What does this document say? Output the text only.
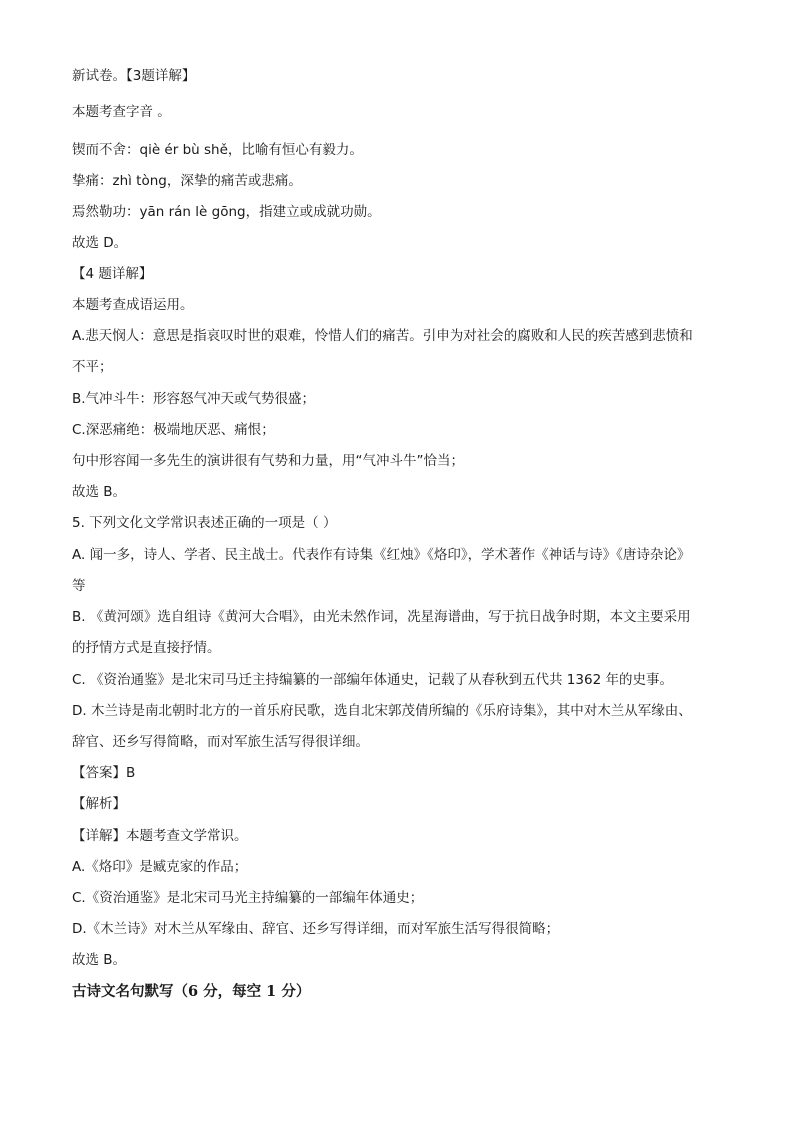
新试卷。【3题详解】
本题考查字音 。
锲而不舍：qiè ér bù shě，比喻有恒心有毅力。
挚痛：zhì tòng，深挚的痛苦或悲痛。
焉然勒功：yān rán lè gōng，指建立或成就功勋。
故选 D。
【4 题详解】
本题考查成语运用。
A.悲天悯人：意思是指哀叹时世的艰难，怜惜人们的痛苦。引申为对社会的腐败和人民的疾苦感到悲愤和
不平；
B.气冲斗牛：形容怒气冲天或气势很盛；
C.深恶痛绝：极端地厌恶、痛恨；
句中形容闻一多先生的演讲很有气势和力量，用“气冲斗牛”恰当；
故选 B。
5. 下列文化文学常识表述正确的一项是（ ）
A. 闻一多，诗人、学者、民主战士。代表作有诗集《红烛》《烙印》，学术著作《神话与诗》《唐诗杂论》
等
B. 《黄河颂》选自组诗《黄河大合唱》，由光未然作词，冼星海谱曲，写于抗日战争时期，本文主要采用
的抒情方式是直接抒情。
C. 《资治通鉴》是北宋司马迁主持编纂的一部编年体通史，记载了从春秋到五代共 1362 年的史事。
D. 木兰诗是南北朝时北方的一首乐府民歌，选自北宋郭茂倩所编的《乐府诗集》，其中对木兰从军缘由、
辞官、还乡写得简略，而对军旅生活写得很详细。
【答案】B
【解析】
【详解】本题考查文学常识。
A.《烙印》是臧克家的作品；
C.《资治通鉴》是北宋司马光主持编纂的一部编年体通史；
D.《木兰诗》对木兰从军缘由、辞官、还乡写得详细，而对军旅生活写得很简略；
故选 B。
古诗文名句默写（6 分，每空 1 分）
